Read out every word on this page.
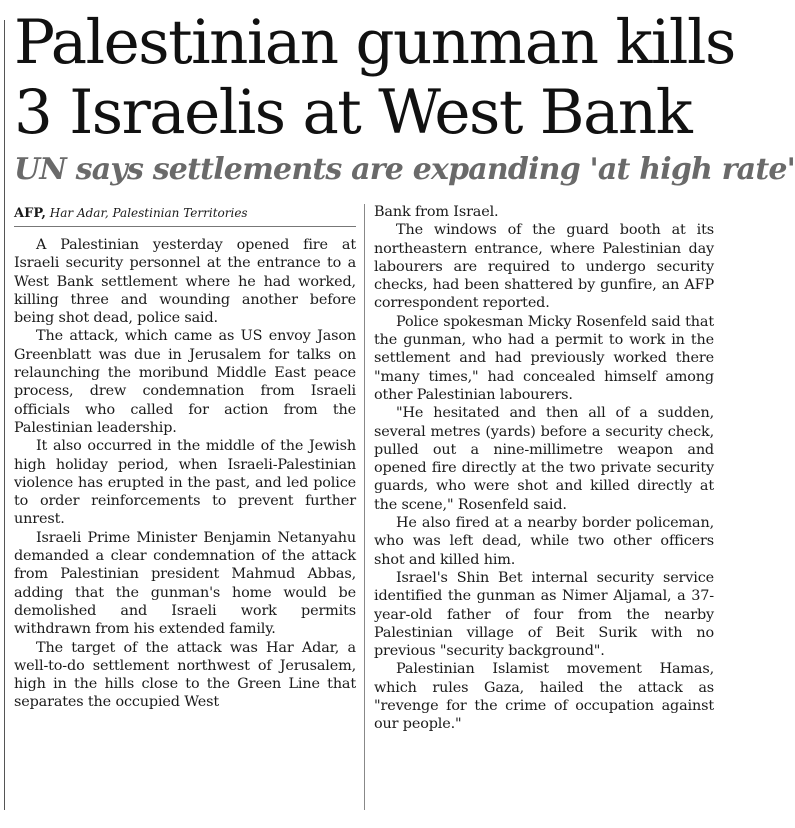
Palestinian gunman kills
3 Israelis at West Bank
UN says settlements are expanding 'at high rate'
AFP, Har Adar, Palestinian Territories

A Palestinian yesterday opened fire at Israeli security personnel at the entrance to a West Bank settlement where he had worked, killing three and wounding another before being shot dead, police said.

The attack, which came as US envoy Jason Greenblatt was due in Jerusalem for talks on relaunching the moribund Middle East peace process, drew condemnation from Israeli officials who called for action from the Palestinian leadership.

It also occurred in the middle of the Jewish high holiday period, when Israeli-Palestinian violence has erupted in the past, and led police to order reinforcements to prevent further unrest.

Israeli Prime Minister Benjamin Netanyahu demanded a clear condemnation of the attack from Palestinian president Mahmud Abbas, adding that the gunman's home would be demolished and Israeli work permits withdrawn from his extended family.

The target of the attack was Har Adar, a well-to-do settlement northwest of Jerusalem, high in the hills close to the Green Line that separates the occupied West

Bank from Israel.

The windows of the guard booth at its northeastern entrance, where Palestinian day labourers are required to undergo security checks, had been shattered by gunfire, an AFP correspondent reported.

Police spokesman Micky Rosenfeld said that the gunman, who had a permit to work in the settlement and had previously worked there "many times," had concealed himself among other Palestinian labourers.

"He hesitated and then all of a sudden, several metres (yards) before a security check, pulled out a nine-millimetre weapon and opened fire directly at the two private security guards, who were shot and killed directly at the scene," Rosenfeld said.

He also fired at a nearby border policeman, who was left dead, while two other officers shot and killed him.

Israel's Shin Bet internal security service identified the gunman as Nimer Aljamal, a 37-year-old father of four from the nearby Palestinian village of Beit Surik with no previous "security background".

Palestinian Islamist movement Hamas, which rules Gaza, hailed the attack as "revenge for the crime of occupation against our people."
